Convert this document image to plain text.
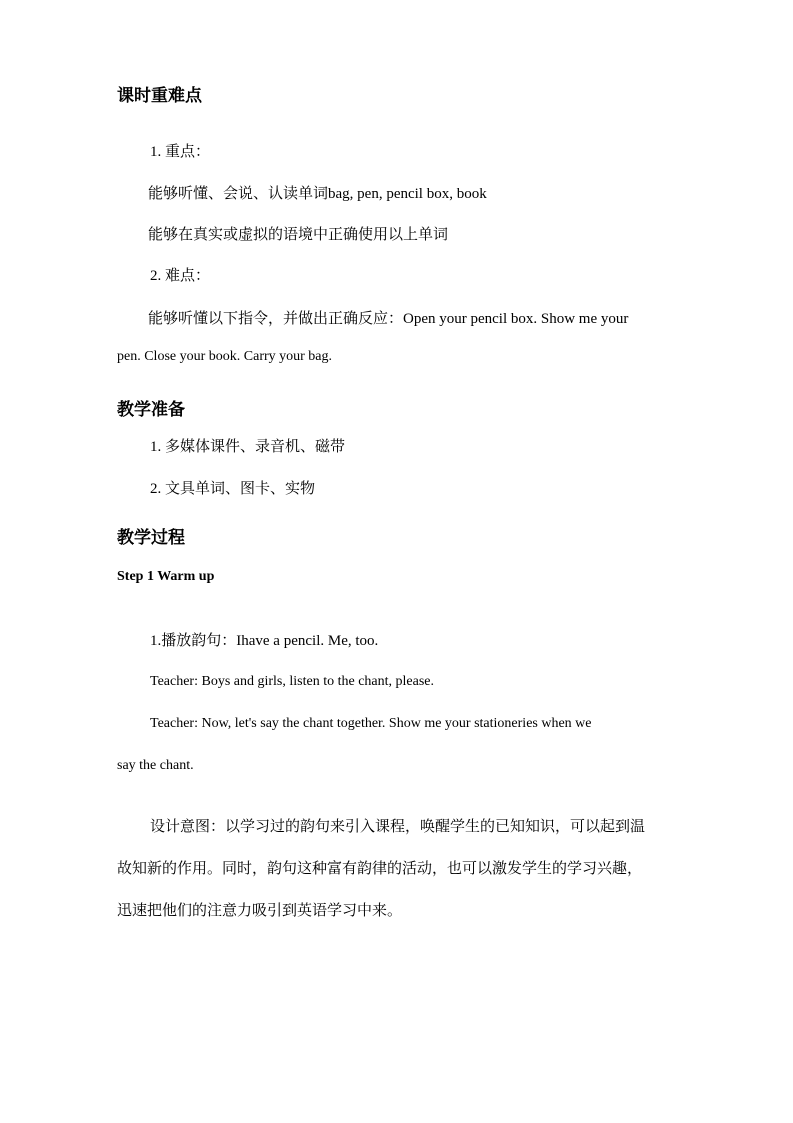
课时重难点

1. 重点：

能够听懂、会说、认读单词bag, pen, pencil box, book

能够在真实或虚拟的语境中正确使用以上单词

2. 难点：

能够听懂以下指令，并做出正确反应：Open your pencil box. Show me your

pen. Close your book. Carry your bag.

教学准备

1. 多媒体课件、录音机、磁带

2. 文具单词、图卡、实物

教学过程
Step 1 Warm up

1.播放韵句：Ihave a pencil. Me, too.

Teacher: Boys and girls, listen to the chant, please.

Teacher: Now, let's say the chant together. Show me your stationeries when we

say the chant.

设计意图：以学习过的韵句来引入课程，唤醒学生的已知知识，可以起到温

故知新的作用。同时，韵句这种富有韵律的活动，也可以激发学生的学习兴趣，

迅速把他们的注意力吸引到英语学习中来。
